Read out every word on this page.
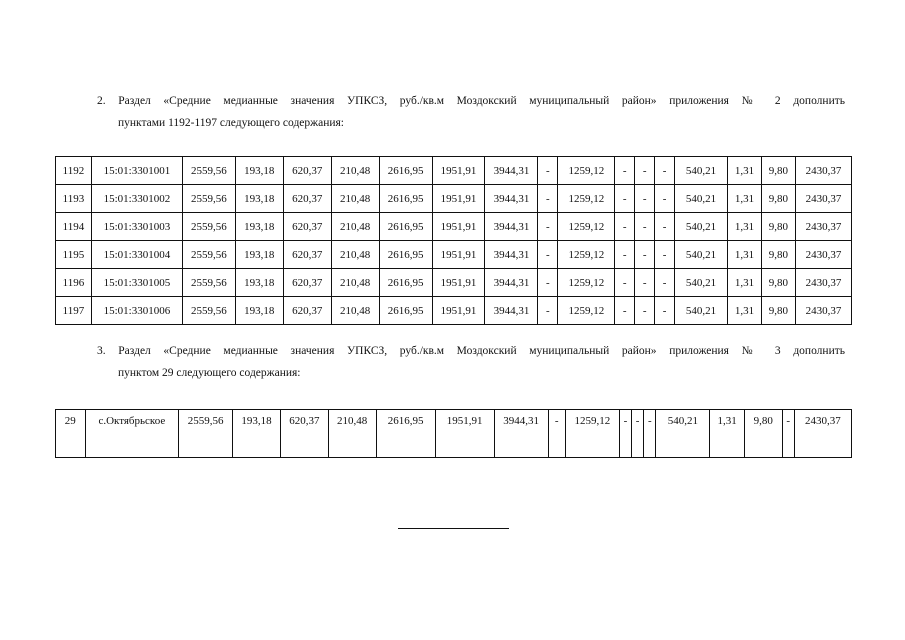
2. Раздел «Средние медианные значения УПКСЗ, руб./кв.м Моздокский муниципальный район» приложения № 2 дополнить
пунктами 1192-1197 следующего содержания:
1192	15:01:3301001	2559,56	193,18	620,37	210,48	2616,95	1951,91	3944,31	-	1259,12	-	-	-	540,21	1,31	9,80	2430,37
1193	15:01:3301002	2559,56	193,18	620,37	210,48	2616,95	1951,91	3944,31	-	1259,12	-	-	-	540,21	1,31	9,80	2430,37
1194	15:01:3301003	2559,56	193,18	620,37	210,48	2616,95	1951,91	3944,31	-	1259,12	-	-	-	540,21	1,31	9,80	2430,37
1195	15:01:3301004	2559,56	193,18	620,37	210,48	2616,95	1951,91	3944,31	-	1259,12	-	-	-	540,21	1,31	9,80	2430,37
1196	15:01:3301005	2559,56	193,18	620,37	210,48	2616,95	1951,91	3944,31	-	1259,12	-	-	-	540,21	1,31	9,80	2430,37
1197	15:01:3301006	2559,56	193,18	620,37	210,48	2616,95	1951,91	3944,31	-	1259,12	-	-	-	540,21	1,31	9,80	2430,37
3. Раздел «Средние медианные значения УПКСЗ, руб./кв.м Моздокский муниципальный район» приложения № 3 дополнить
пунктом 29 следующего содержания:
29	с.Октябрьское	2559,56	193,18	620,37	210,48	2616,95	1951,91	3944,31	-	1259,12	-	-	-	540,21	1,31	9,80	-	2430,37
